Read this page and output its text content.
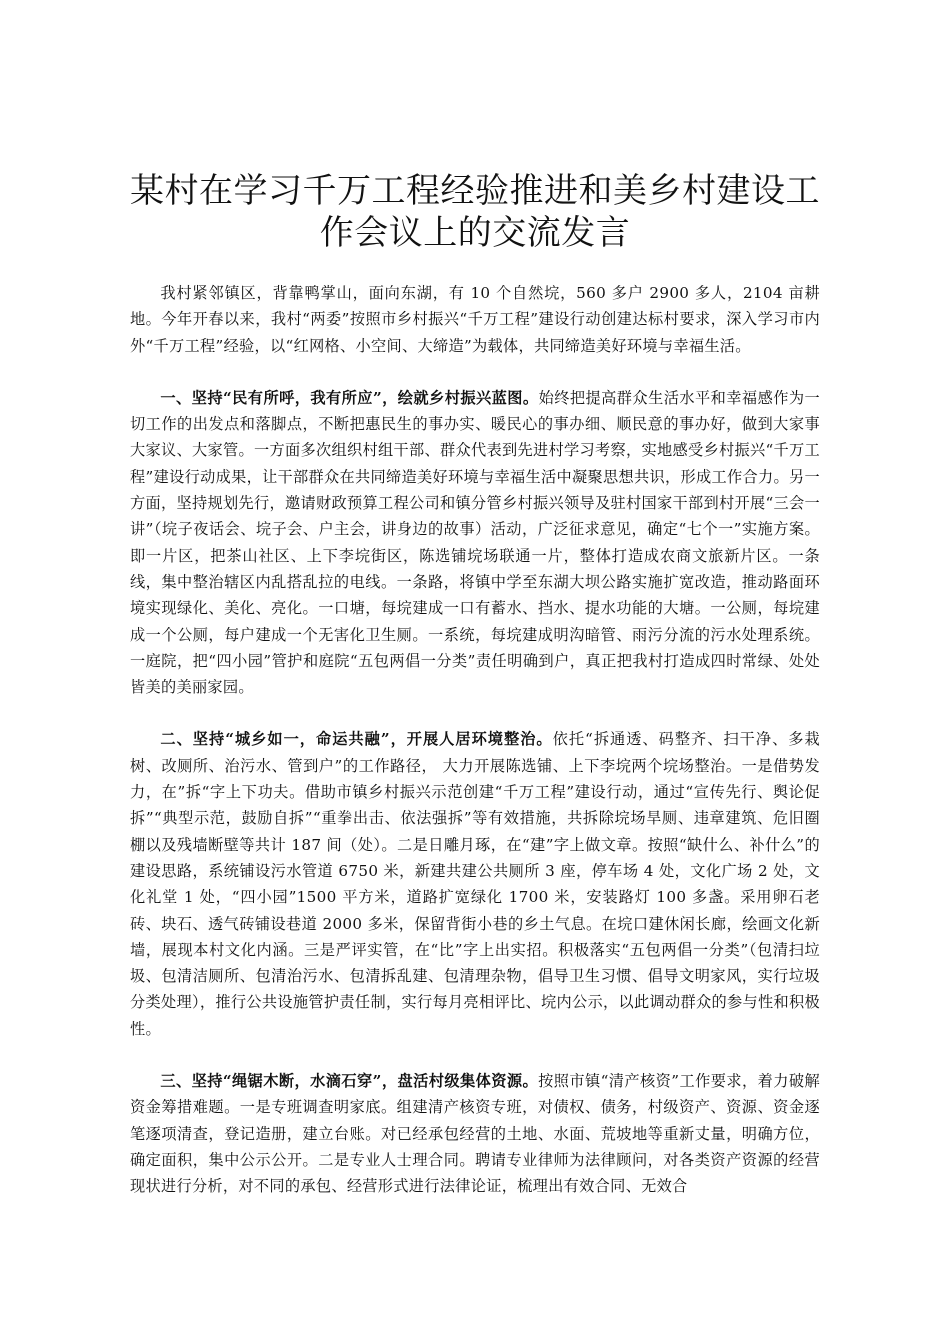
某村在学习千万工程经验推进和美乡村建设工作会议上的交流发言

我村紧邻镇区，背靠鸭掌山，面向东湖，有 10 个自然垸，560 多户 2900 多人，2104 亩耕地。今年开春以来，我村“两委”按照市乡村振兴“千万工程”建设行动创建达标村要求，深入学习市内外“千万工程”经验，以“红网格、小空间、大缔造”为载体，共同缔造美好环境与幸福生活。

一、坚持“民有所呼，我有所应”，绘就乡村振兴蓝图。始终把提高群众生活水平和幸福感作为一切工作的出发点和落脚点，不断把惠民生的事办实、暖民心的事办细、顺民意的事办好，做到大家事大家议、大家管。一方面多次组织村组干部、群众代表到先进村学习考察，实地感受乡村振兴“千万工程”建设行动成果，让干部群众在共同缔造美好环境与幸福生活中凝聚思想共识，形成工作合力。另一方面，坚持规划先行，邀请财政预算工程公司和镇分管乡村振兴领导及驻村国家干部到村开展“三会一讲”（垸子夜话会、垸子会、户主会，讲身边的故事）活动，广泛征求意见，确定“七个一”实施方案。即一片区，把茶山社区、上下李垸街区，陈选铺垸场联通一片，整体打造成农商文旅新片区。一条线，集中整治辖区内乱搭乱拉的电线。一条路，将镇中学至东湖大坝公路实施扩宽改造，推动路面环境实现绿化、美化、亮化。一口塘，每垸建成一口有蓄水、挡水、提水功能的大塘。一公厕，每垸建成一个公厕，每户建成一个无害化卫生厕。一系统，每垸建成明沟暗管、雨污分流的污水处理系统。一庭院，把“四小园”管护和庭院“五包两倡一分类”责任明确到户，真正把我村打造成四时常绿、处处皆美的美丽家园。

二、坚持“城乡如一，命运共融”，开展人居环境整治。依托“拆通透、码整齐、扫干净、多栽树、改厕所、治污水、管到户”的工作路径， 大力开展陈选铺、上下李垸两个垸场整治。一是借势发力，在”拆“字上下功夫。借助市镇乡村振兴示范创建“千万工程”建设行动，通过“宣传先行、舆论促拆”“典型示范，鼓励自拆”“重拳出击、依法强拆”等有效措施，共拆除垸场旱厕、违章建筑、危旧圈棚以及残墙断壁等共计 187 间（处）。二是日雕月琢，在“建”字上做文章。按照“缺什么、补什么”的建设思路，系统铺设污水管道 6750 米，新建共建公共厕所 3 座，停车场 4 处，文化广场 2 处，文化礼堂 1 处，“四小园”1500 平方米，道路扩宽绿化 1700 米，安装路灯 100 多盏。采用卵石老砖、块石、透气砖铺设巷道 2000 多米，保留背街小巷的乡土气息。在垸口建休闲长廊，绘画文化新墙，展现本村文化内涵。三是严评实管，在“比”字上出实招。积极落实“五包两倡一分类”（包清扫垃圾、包清洁厕所、包清治污水、包清拆乱建、包清理杂物，倡导卫生习惯、倡导文明家风，实行垃圾分类处理），推行公共设施管护责任制，实行每月亮相评比、垸内公示，以此调动群众的参与性和积极性。

三、坚持“绳锯木断，水滴石穿”，盘活村级集体资源。按照市镇“清产核资”工作要求，着力破解资金筹措难题。一是专班调查明家底。组建清产核资专班，对债权、债务，村级资产、资源、资金逐笔逐项清查，登记造册，建立台账。对已经承包经营的土地、水面、荒坡地等重新丈量，明确方位，确定面积，集中公示公开。二是专业人士理合同。聘请专业律师为法律顾问，对各类资产资源的经营现状进行分析，对不同的承包、经营形式进行法律论证，梳理出有效合同、无效合
